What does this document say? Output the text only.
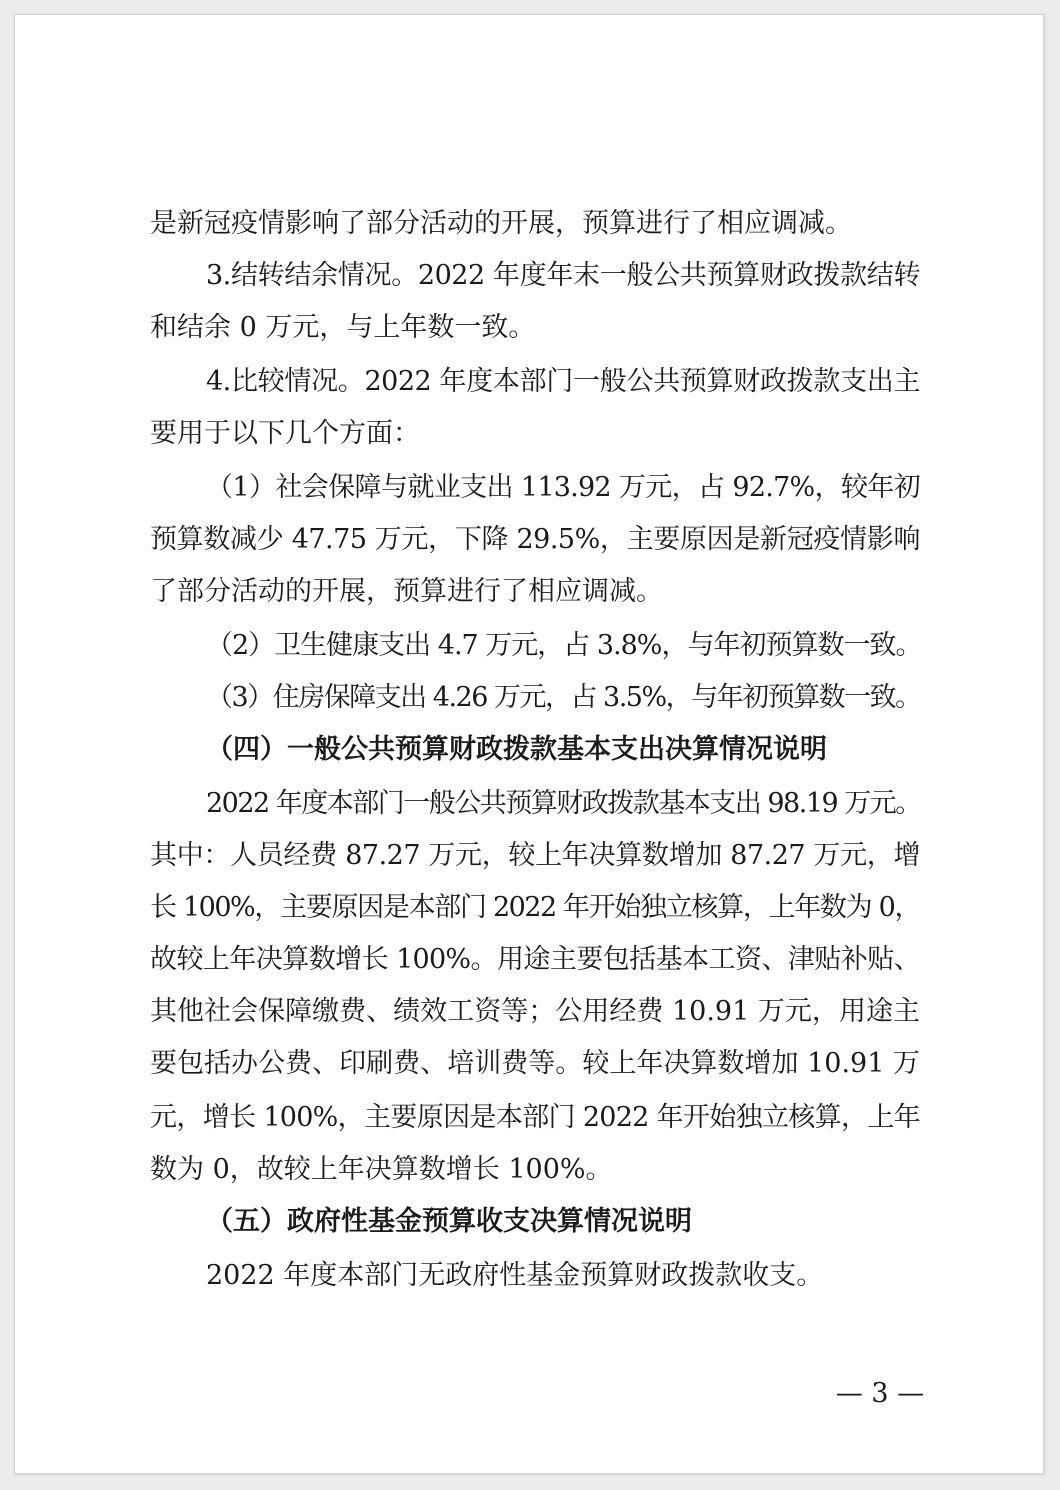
是新冠疫情影响了部分活动的开展，预算进行了相应调减。
3.结转结余情况。2022 年度年末一般公共预算财政拨款结转
和结余 0 万元，与上年数一致。
4.比较情况。2022 年度本部门一般公共预算财政拨款支出主
要用于以下几个方面：
（1）社会保障与就业支出 113.92 万元，占 92.7%，较年初
预算数减少 47.75 万元，下降 29.5%，主要原因是新冠疫情影响
了部分活动的开展，预算进行了相应调减。
（2）卫生健康支出 4.7 万元，占 3.8%，与年初预算数一致。
（3）住房保障支出 4.26 万元，占 3.5%，与年初预算数一致。
（四）一般公共预算财政拨款基本支出决算情况说明
2022 年度本部门一般公共预算财政拨款基本支出 98.19 万元。
其中：人员经费 87.27 万元，较上年决算数增加 87.27 万元，增
长 100%，主要原因是本部门 2022 年开始独立核算，上年数为 0，
故较上年决算数增长 100%。用途主要包括基本工资、津贴补贴、
其他社会保障缴费、绩效工资等；公用经费 10.91 万元，用途主
要包括办公费、印刷费、培训费等。较上年决算数增加 10.91 万
元，增长 100%，主要原因是本部门 2022 年开始独立核算，上年
数为 0，故较上年决算数增长 100%。
（五）政府性基金预算收支决算情况说明
2022 年度本部门无政府性基金预算财政拨款收支。
— 3 —
